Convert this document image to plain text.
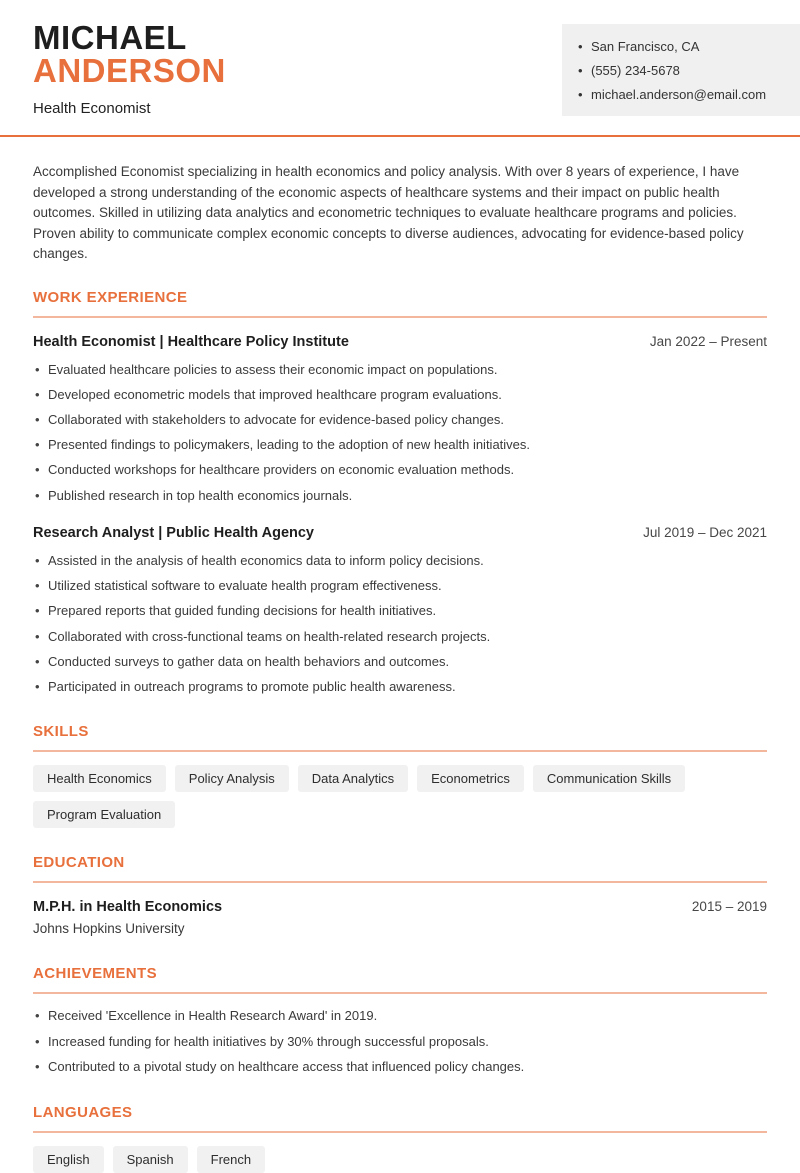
MICHAEL
ANDERSON
Health Economist
• San Francisco, CA
• (555) 234-5678
• michael.anderson@email.com

Accomplished Economist specializing in health economics and policy analysis. With over 8 years of experience, I have developed a strong understanding of the economic aspects of healthcare systems and their impact on public health outcomes. Skilled in utilizing data analytics and econometric techniques to evaluate healthcare programs and policies. Proven ability to communicate complex economic concepts to diverse audiences, advocating for evidence-based policy changes.

WORK EXPERIENCE
Health Economist | Healthcare Policy Institute	Jan 2022 – Present
• Evaluated healthcare policies to assess their economic impact on populations.
• Developed econometric models that improved healthcare program evaluations.
• Collaborated with stakeholders to advocate for evidence-based policy changes.
• Presented findings to policymakers, leading to the adoption of new health initiatives.
• Conducted workshops for healthcare providers on economic evaluation methods.
• Published research in top health economics journals.
Research Analyst | Public Health Agency	Jul 2019 – Dec 2021
• Assisted in the analysis of health economics data to inform policy decisions.
• Utilized statistical software to evaluate health program effectiveness.
• Prepared reports that guided funding decisions for health initiatives.
• Collaborated with cross-functional teams on health-related research projects.
• Conducted surveys to gather data on health behaviors and outcomes.
• Participated in outreach programs to promote public health awareness.
SKILLS
Health Economics	Policy Analysis	Data Analytics	Econometrics	Communication Skills
Program Evaluation
EDUCATION
M.P.H. in Health Economics	2015 – 2019
Johns Hopkins University
ACHIEVEMENTS
• Received 'Excellence in Health Research Award' in 2019.
• Increased funding for health initiatives by 30% through successful proposals.
• Contributed to a pivotal study on healthcare access that influenced policy changes.
LANGUAGES
English	Spanish	French
